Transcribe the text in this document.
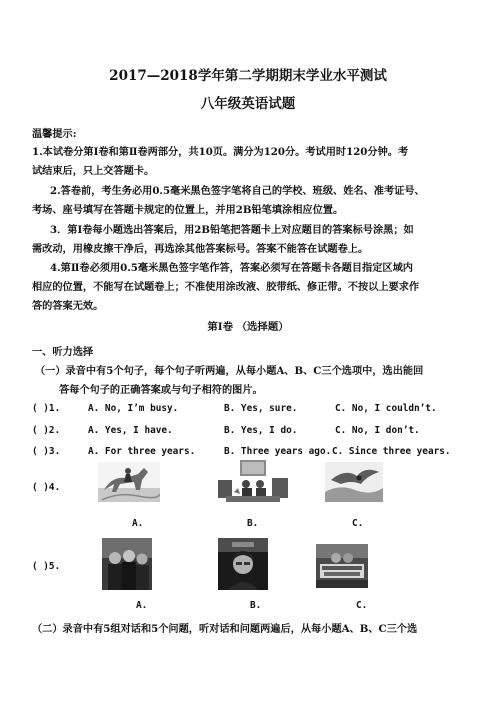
2017—2018学年第二学期期末学业水平测试
八年级英语试题
温馨提示:
1.本试卷分第Ⅰ卷和第Ⅱ卷两部分，共10页。满分为120分。考试用时120分钟。考
试结束后，只上交答题卡。
2.答卷前，考生务必用0.5毫米黑色签字笔将自己的学校、班级、姓名、准考证号、
考场、座号填写在答题卡规定的位置上，并用2B铅笔填涂相应位置。
3．第Ⅰ卷每小题选出答案后，用2B铅笔把答题卡上对应题目的答案标号涂黑；如
需改动，用橡皮擦干净后，再选涂其他答案标号。答案不能答在试题卷上。
4.第Ⅱ卷必须用0.5毫米黑色签字笔作答，答案必须写在答题卡各题目指定区域内
相应的位置，不能写在试题卷上；不准使用涂改液、胶带纸、修正带。不按以上要求作
答的答案无效。
第Ⅰ卷 （选择题）
一、听力选择
（一）录音中有5个句子，每个句子听两遍，从每小题A、B、C三个选项中，选出能回
答每个句子的正确答案或与句子相符的图片。
( )1.	A. No, I’m busy.	B. Yes, sure.	C. No, I couldn’t.
( )2.	A. Yes, I have.	B. Yes, I do.	C. No, I don’t.
( )3.	A. For three years.	B. Three years ago. C. Since three years.
( )4.
A.	B.	C.
( )5.
A.	B.	C.
（二）录音中有5组对话和5个问题，听对话和问题两遍后，从每小题A、B、C三个选
